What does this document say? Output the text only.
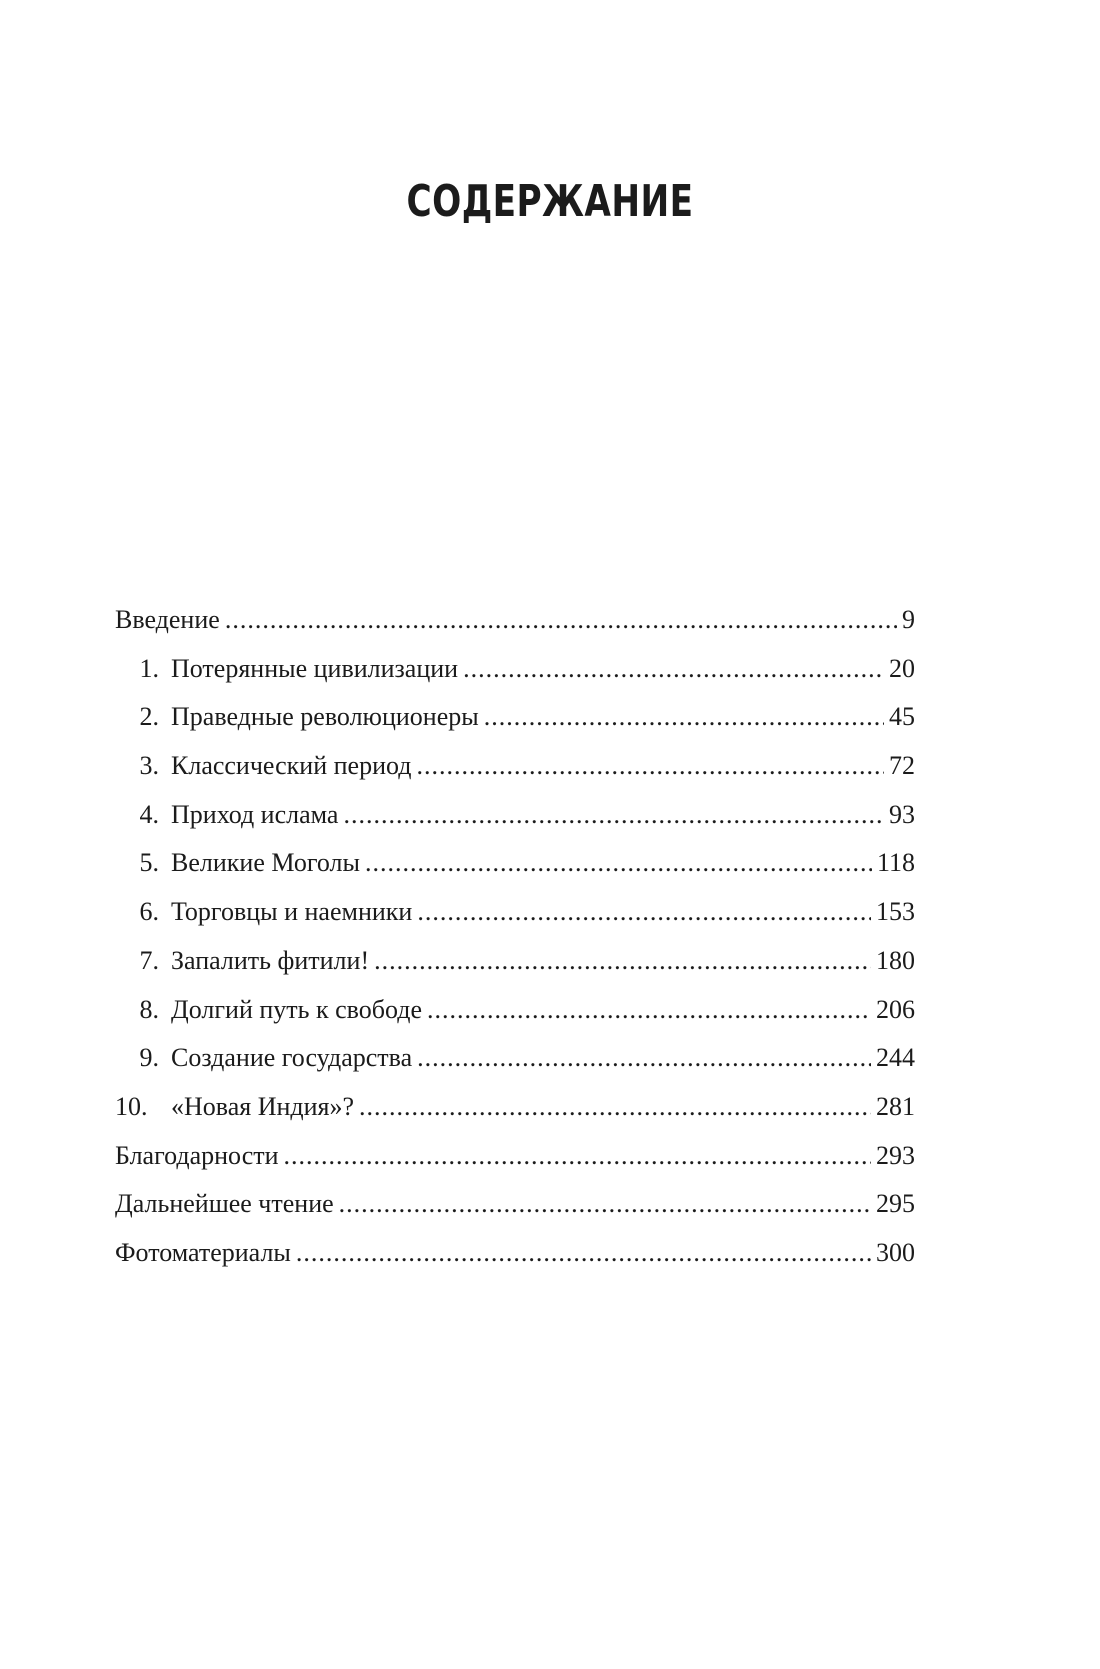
СОДЕРЖАНИЕ
Введение .....	9
1. Потерянные цивилизации .....	20
2. Праведные революционеры .....	45
3. Классический период .....	72
4. Приход ислама .....	93
5. Великие Моголы .....	118
6. Торговцы и наемники .....	153
7. Запалить фитили! .....	180
8. Долгий путь к свободе .....	206
9. Создание государства .....	244
10. «Новая Индия»? .....	281
Благодарности .....	293
Дальнейшее чтение .....	295
Фотоматериалы .....	300
